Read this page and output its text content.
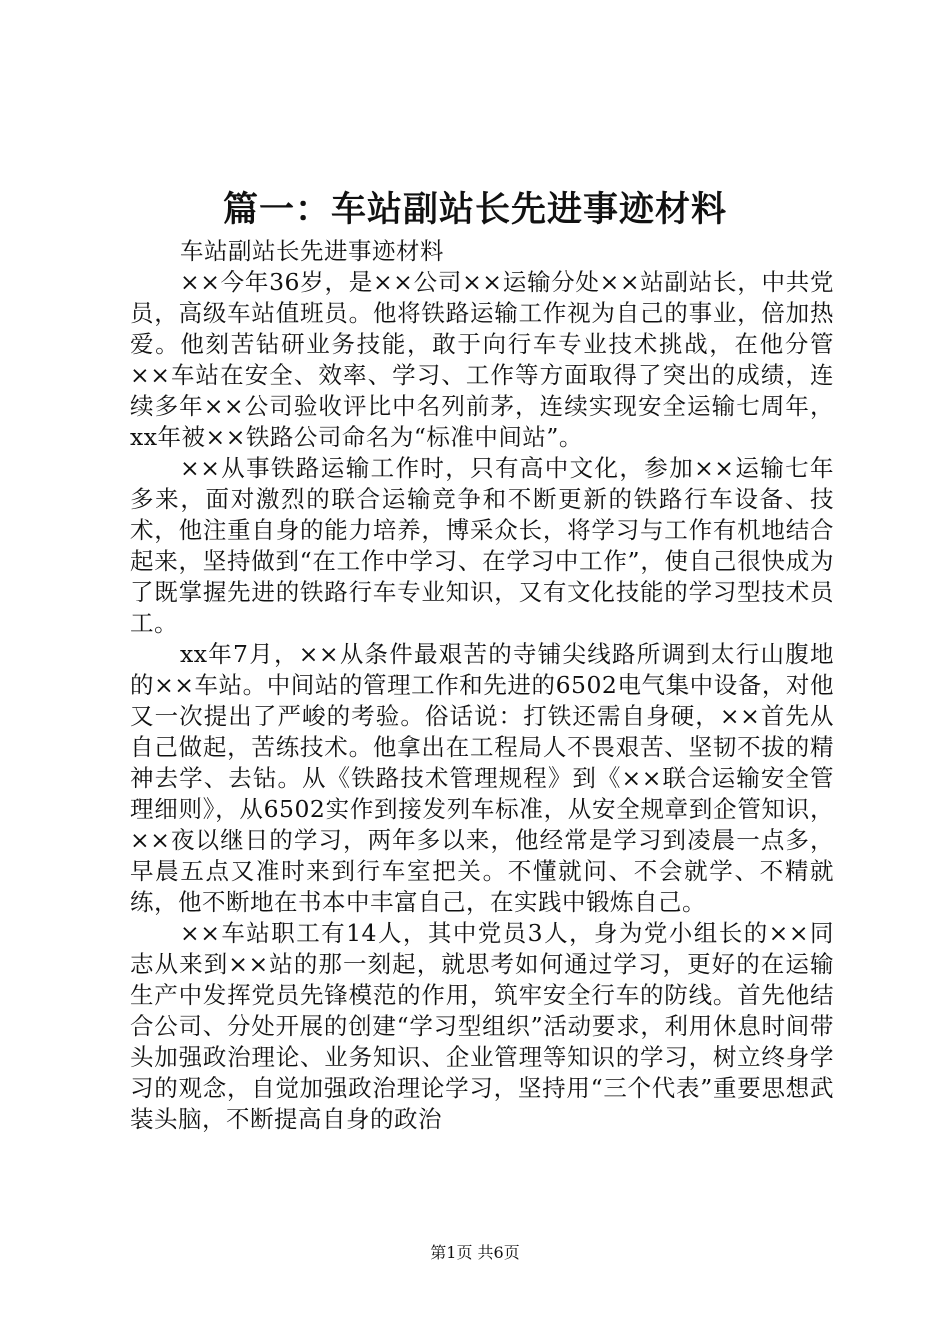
篇一：车站副站长先进事迹材料

车站副站长先进事迹材料

××今年36岁，是××公司××运输分处××站副站长，中共党员，高级车站值班员。他将铁路运输工作视为自己的事业，倍加热爱。他刻苦钻研业务技能，敢于向行车专业技术挑战，在他分管××车站在安全、效率、学习、工作等方面取得了突出的成绩，连续多年××公司验收评比中名列前茅，连续实现安全运输七周年，xx年被××铁路公司命名为“标准中间站”。

××从事铁路运输工作时，只有高中文化，参加××运输七年多来，面对激烈的联合运输竞争和不断更新的铁路行车设备、技术，他注重自身的能力培养，博采众长，将学习与工作有机地结合起来，坚持做到“在工作中学习、在学习中工作”，使自己很快成为了既掌握先进的铁路行车专业知识，又有文化技能的学习型技术员工。

xx年7月，××从条件最艰苦的寺铺尖线路所调到太行山腹地的××车站。中间站的管理工作和先进的6502电气集中设备，对他又一次提出了严峻的考验。俗话说：打铁还需自身硬，××首先从自己做起，苦练技术。他拿出在工程局人不畏艰苦、坚韧不拔的精神去学、去钻。从《铁路技术管理规程》到《××联合运输安全管理细则》，从6502实作到接发列车标准，从安全规章到企管知识，××夜以继日的学习，两年多以来，他经常是学习到凌晨一点多，早晨五点又准时来到行车室把关。不懂就问、不会就学、不精就练，他不断地在书本中丰富自己，在实践中锻炼自己。

××车站职工有14人，其中党员3人，身为党小组长的××同志从来到××站的那一刻起，就思考如何通过学习，更好的在运输生产中发挥党员先锋模范的作用，筑牢安全行车的防线。首先他结合公司、分处开展的创建“学习型组织”活动要求，利用休息时间带头加强政治理论、业务知识、企业管理等知识的学习，树立终身学习的观念，自觉加强政治理论学习，坚持用“三个代表”重要思想武装头脑，不断提高自身的政治

第1页 共6页
